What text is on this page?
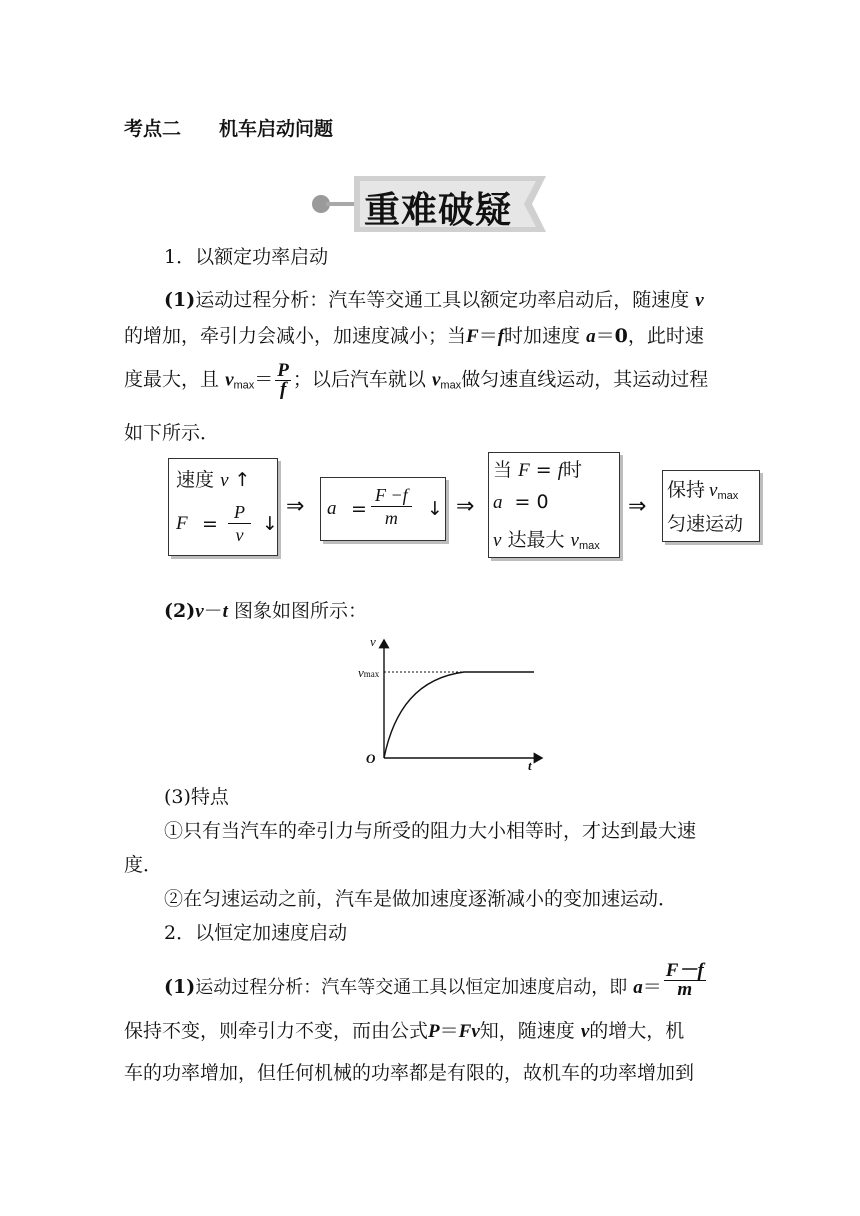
考点二　　机车启动问题
重难破疑
1．以额定功率启动
(1)运动过程分析：汽车等交通工具以额定功率启动后，随速度 v
的增加，牵引力会减小，加速度减小；当F＝f时加速度 a＝0，此时速
度最大，且 $v_{max}= \frac{P}{f}$ ；以后汽车就以 $v_{max}$做匀速直线运动，其运动过程
如下所示．
速度 v ↑
$F = \frac{P}{v}$ ↓
⇒ $a = \frac{F -f}{m}$ ↓ ⇒
当 F = f时
a = 0
v 达最大 $v_{max}$
⇒
保持 $v_{max}$
匀速运动
(2)v－t 图象如图所示：
v
vmax
O	t
(3)特点
①只有当汽车的牵引力与所受的阻力大小相等时，才达到最大速
度．
②在匀速运动之前，汽车是做加速度逐渐减小的变加速运动．
2．以恒定加速度启动
(1)运动过程分析：汽车等交通工具以恒定加速度启动，即 $a= \frac{F-f}{m}$
保持不变，则牵引力不变，而由公式P＝Fv知，随速度 v的增大，机
车的功率增加，但任何机械的功率都是有限的，故机车的功率增加到
